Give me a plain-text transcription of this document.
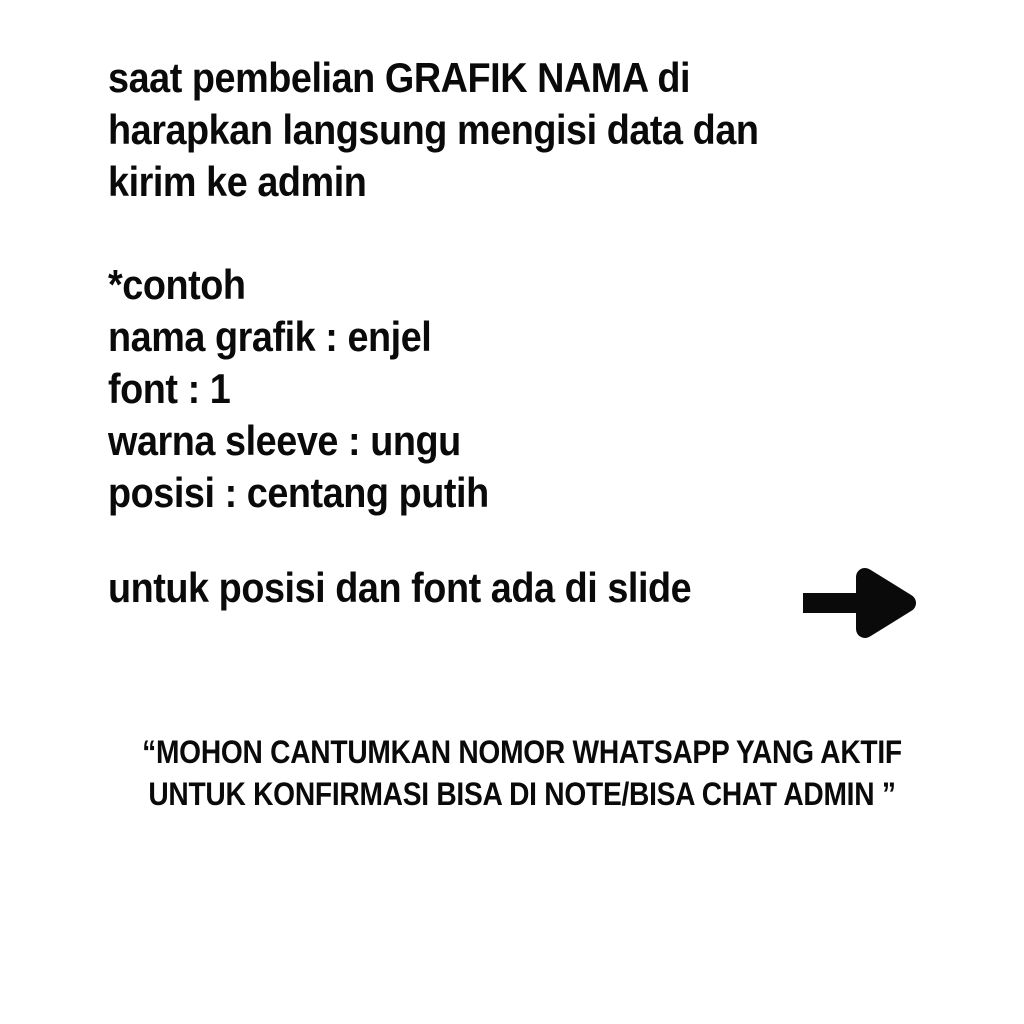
saat pembelian GRAFIK NAMA di
harapkan langsung mengisi data dan
kirim ke admin
*contoh
nama grafik : enjel
font : 1
warna sleeve : ungu
posisi : centang putih
untuk posisi dan font ada di slide
“MOHON CANTUMKAN NOMOR WHATSAPP YANG AKTIF
UNTUK KONFIRMASI BISA DI NOTE/BISA CHAT ADMIN ”
